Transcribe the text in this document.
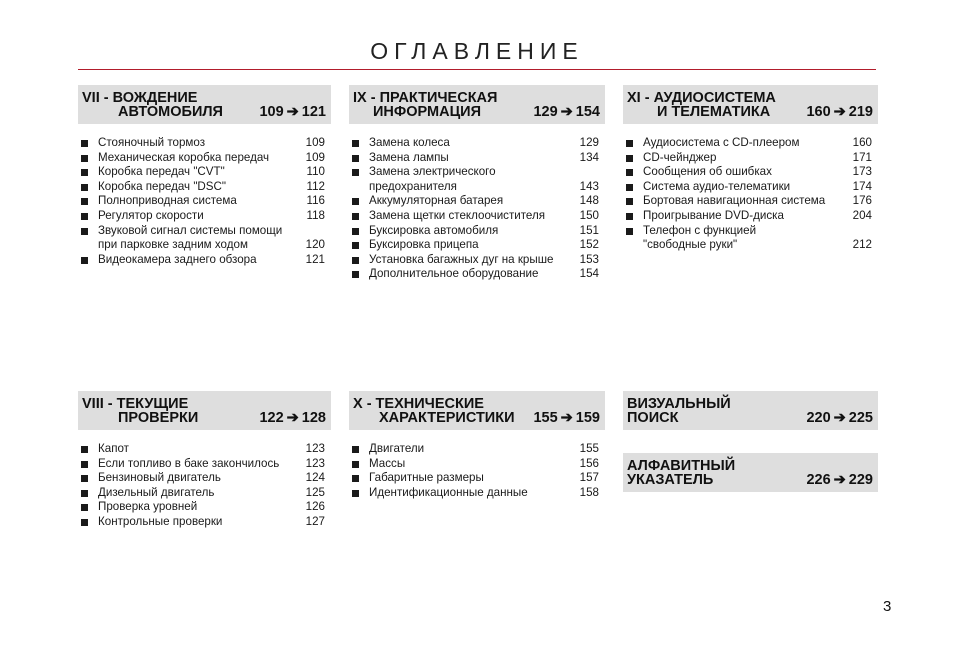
ОГЛАВЛЕНИЕ
VII - ВОЖДЕНИЕ
АВТОМОБИЛЯ	109 ➔ 121
Стояночный тормоз	109
Механическая коробка передач	109
Коробка передач "CVT"	110
Коробка передач "DSC"	112
Полноприводная система	116
Регулятор скорости	118
Звуковой сигнал системы помощи
при парковке задним ходом	120
Видеокамера заднего обзора	121
IX - ПРАКТИЧЕСКАЯ
ИНФОРМАЦИЯ	129 ➔ 154
Замена колеса	129
Замена лампы	134
Замена электрического
предохранителя	143
Аккумуляторная батарея	148
Замена щетки стеклоочистителя	150
Буксировка автомобиля	151
Буксировка прицепа	152
Установка багажных дуг на крыше	153
Дополнительное оборудование	154
XI - АУДИОСИСТЕМА
И ТЕЛЕМАТИКА 160 ➔ 219
Аудиосистема с CD-плеером	160
CD-чейнджер	171
Сообщения об ошибках	173
Система аудио-телематики	174
Бортовая навигационная система	176
Проигрывание DVD-диска	204
Телефон с функцией
"свободные руки"	212
VIII - ТЕКУЩИЕ
ПРОВЕРКИ	122 ➔ 128
Капот	123
Если топливо в баке закончилось	123
Бензиновый двигатель	124
Дизельный двигатель	125
Проверка уровней	126
Контрольные проверки	127
X - ТЕХНИЧЕСКИЕ
ХАРАКТЕРИСТИКИ 155 ➔ 159
Двигатели	155
Массы	156
Габаритные размеры	157
Идентификационные данные	158
ВИЗУАЛЬНЫЙ
ПОИСК	220 ➔ 225
АЛФАВИТНЫЙ
УКАЗАТЕЛЬ	226 ➔ 229
3
